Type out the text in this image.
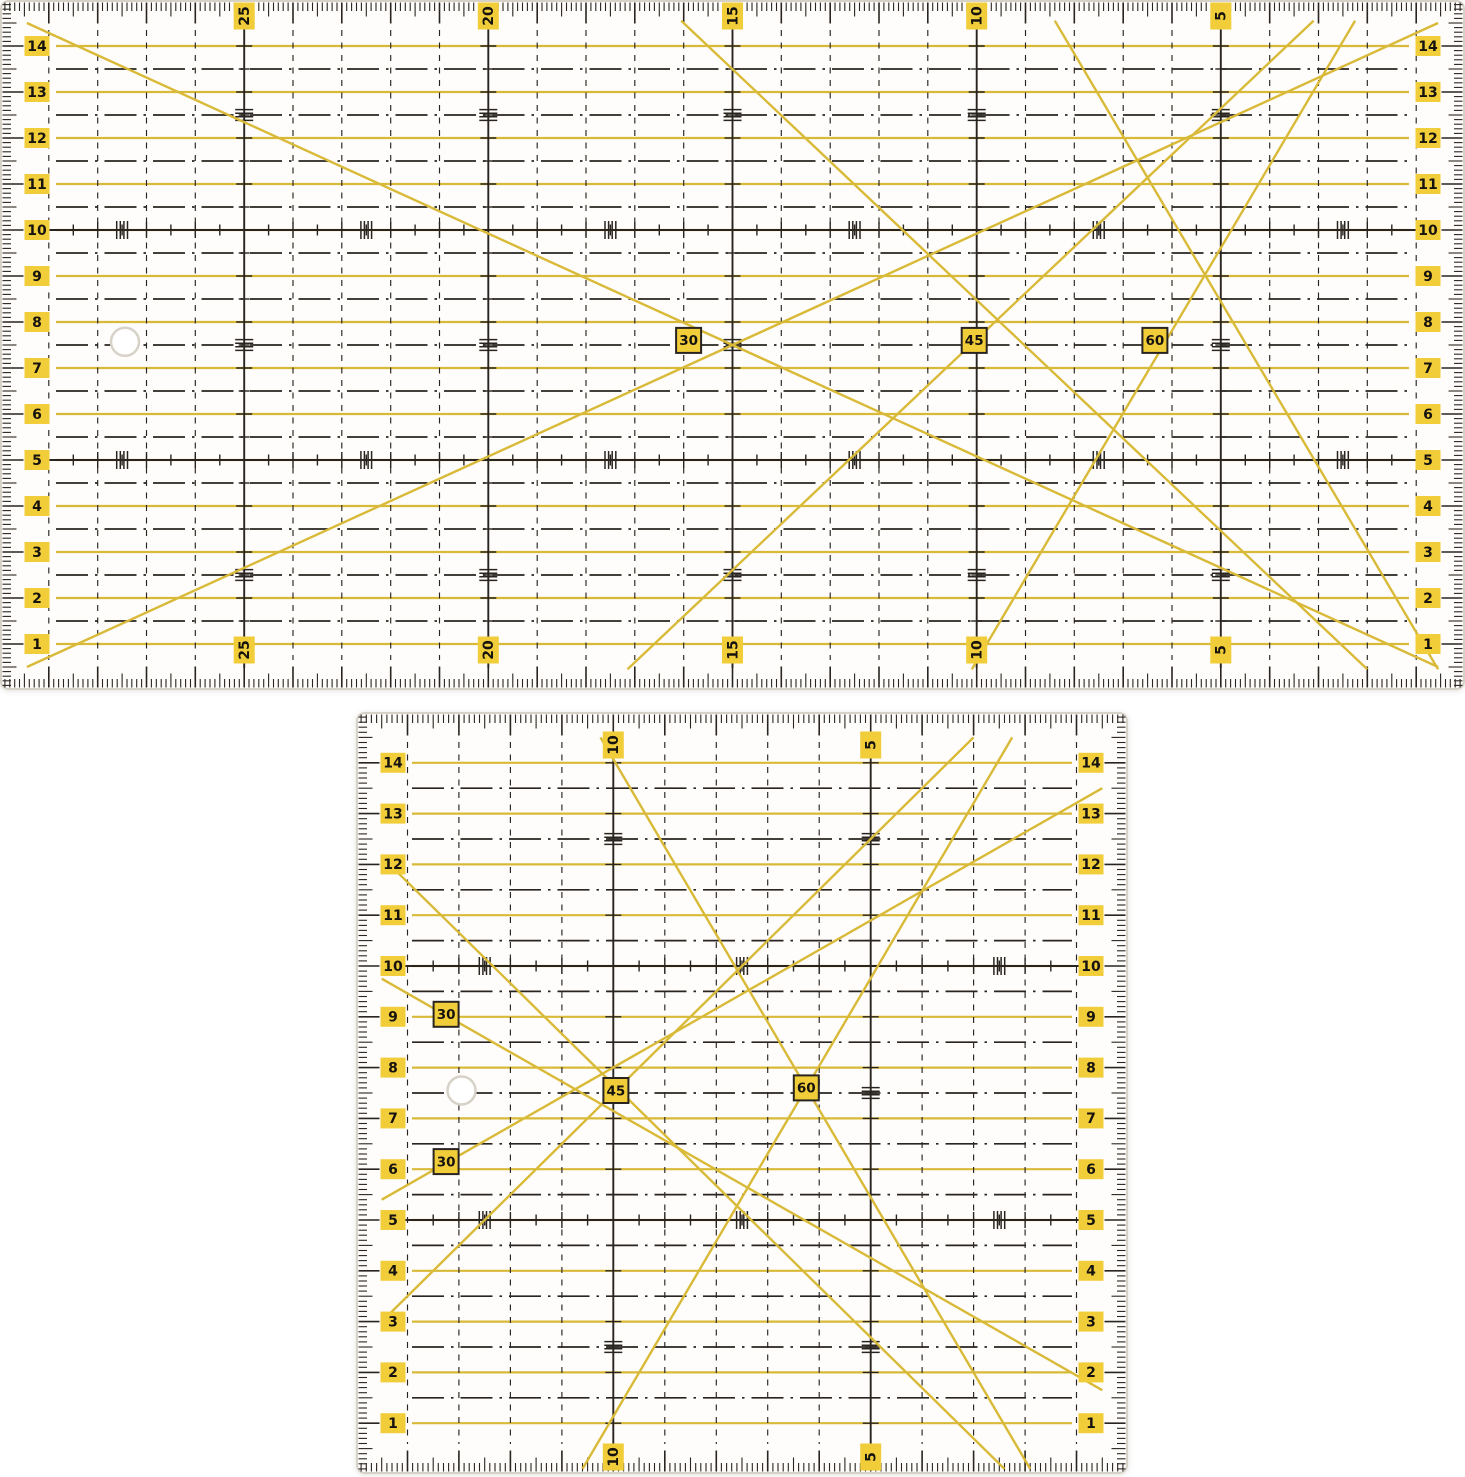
1	1
2	2
3	3
4	4
5	5
6	6
7	7
8	8
9	9
10	10
11	11
12	12
13	13
14	14
25
25
20
20
15
15
10
10
5
5
30	45	60
1	1
2	2
3	3
4	4
5	5
6	6
7	7
8	8
9	9
10	10
11	11
12	12
13	13
14	14
10
10
5
5
30
30
45	60
